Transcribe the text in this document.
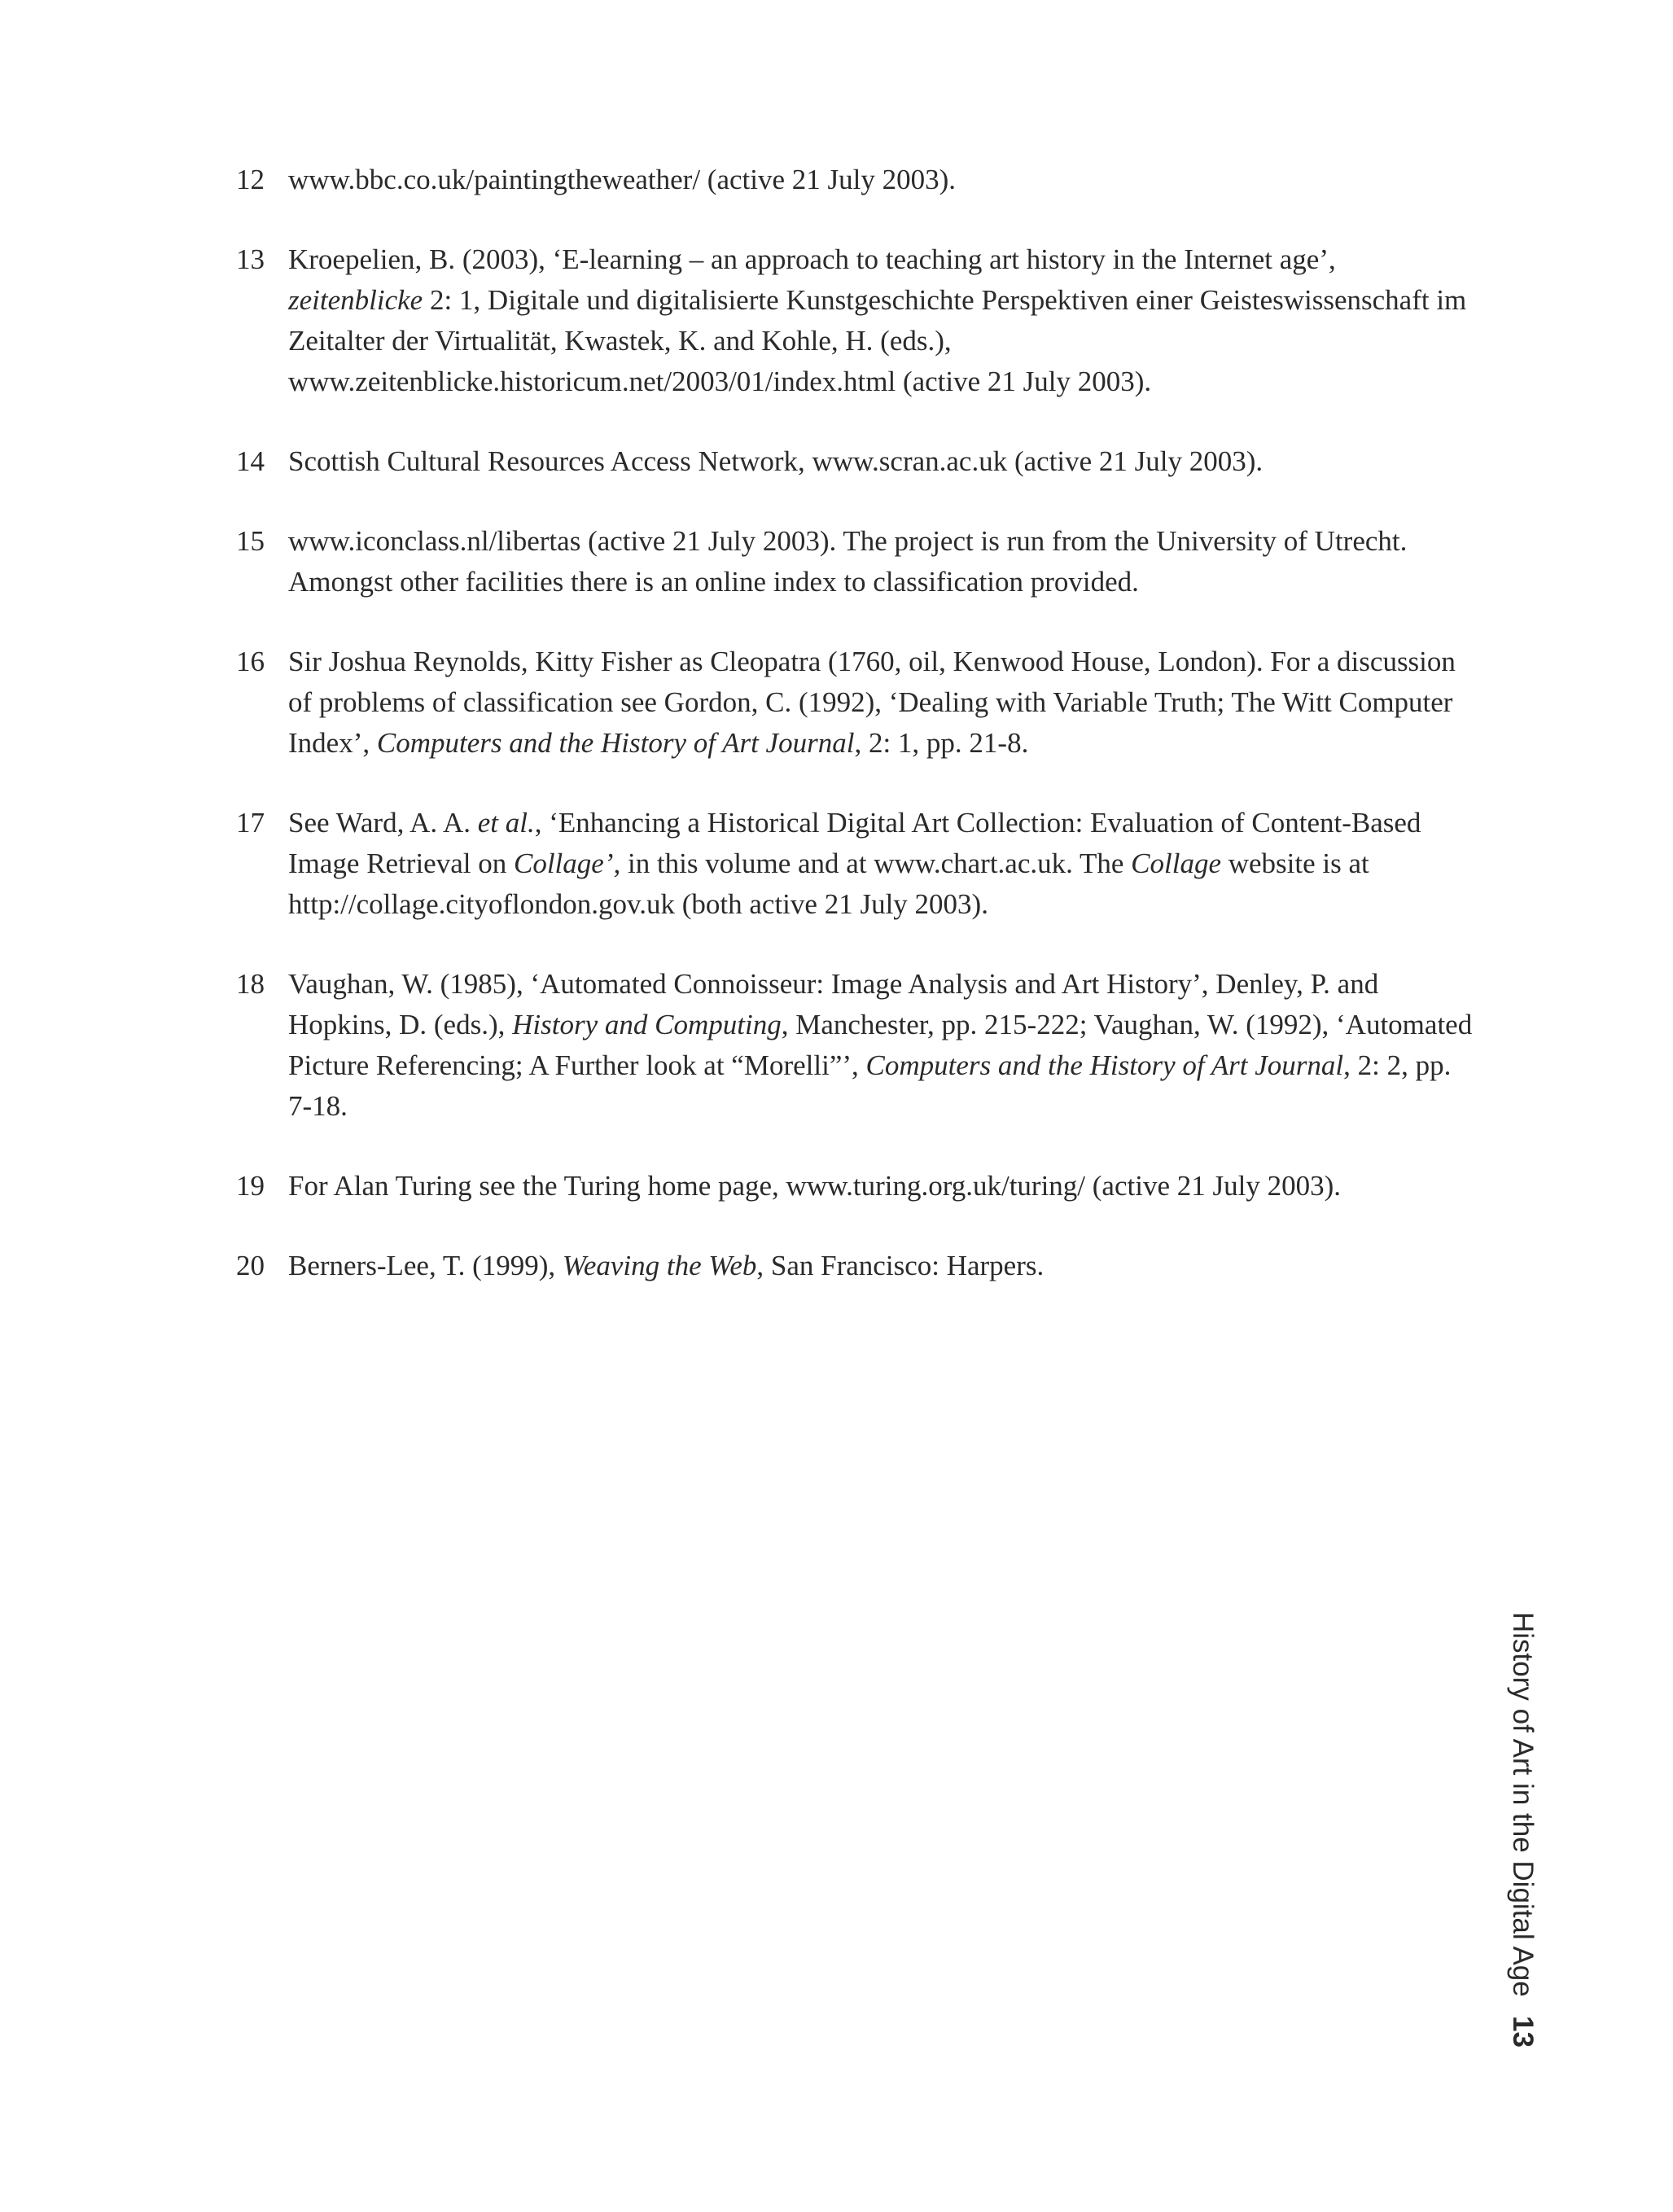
12 www.bbc.co.uk/paintingtheweather/ (active 21 July 2003).
13 Kroepelien, B. (2003), ‘E-learning – an approach to teaching art history in the Internet age’, zeitenblicke 2: 1, Digitale und digitalisierte Kunstgeschichte Perspektiven einer Geisteswissenschaft im Zeitalter der Virtualität, Kwastek, K. and Kohle, H. (eds.), www.zeitenblicke.historicum.net/2003/01/index.html (active 21 July 2003).
14 Scottish Cultural Resources Access Network, www.scran.ac.uk (active 21 July 2003).
15 www.iconclass.nl/libertas (active 21 July 2003). The project is run from the University of Utrecht. Amongst other facilities there is an online index to classification provided.
16 Sir Joshua Reynolds, Kitty Fisher as Cleopatra (1760, oil, Kenwood House, London). For a discussion of problems of classification see Gordon, C. (1992), ‘Dealing with Variable Truth; The Witt Computer Index’, Computers and the History of Art Journal, 2: 1, pp. 21-8.
17 See Ward, A. A. et al., ‘Enhancing a Historical Digital Art Collection: Evaluation of Content-Based Image Retrieval on Collage’, in this volume and at www.chart.ac.uk. The Collage website is at http://collage.cityoflondon.gov.uk (both active 21 July 2003).
18 Vaughan, W. (1985), ‘Automated Connoisseur: Image Analysis and Art History’, Denley, P. and Hopkins, D. (eds.), History and Computing, Manchester, pp. 215-222; Vaughan, W. (1992), ‘Automated Picture Referencing; A Further look at “Morelli”’, Computers and the History of Art Journal, 2: 2, pp. 7-18.
19 For Alan Turing see the Turing home page, www.turing.org.uk/turing/ (active 21 July 2003).
20 Berners-Lee, T. (1999), Weaving the Web, San Francisco: Harpers.
History of Art in the Digital Age 13
